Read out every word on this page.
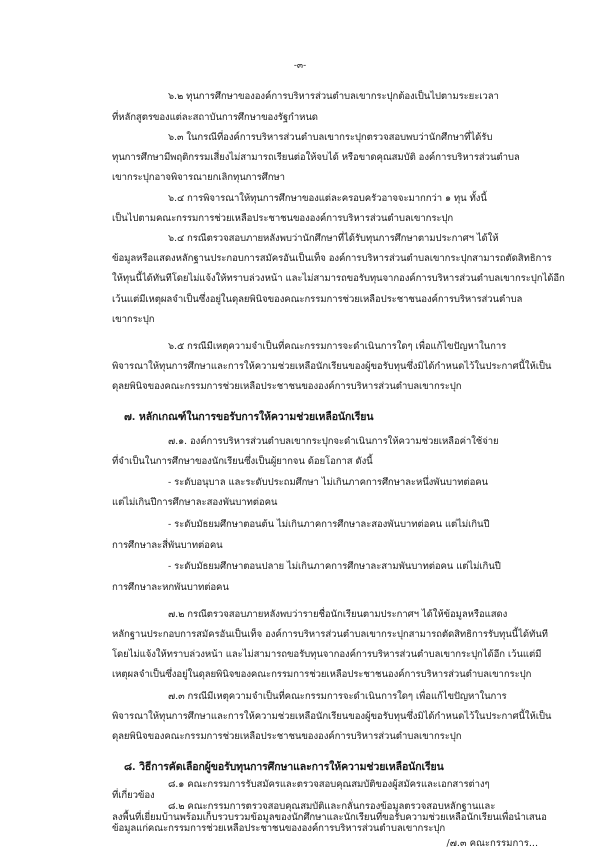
-๓-
๖.๒ ทุนการศึกษาขององค์การบริหารส่วนตำบลเขากระปุกต้องเป็นไปตามระยะเวลา
ที่หลักสูตรของแต่ละสถาบันการศึกษาของรัฐกำหนด
๖.๓ ในกรณีที่องค์การบริหารส่วนตำบลเขากระปุกตรวจสอบพบว่านักศึกษาที่ได้รับ
ทุนการศึกษามีพฤติกรรมเสี่ยงไม่สามารถเรียนต่อให้จบได้ หรือขาดคุณสมบัติ องค์การบริหารส่วนตำบล
เขากระปุกอาจพิจารณายกเลิกทุนการศึกษา
๖.๔ การพิจารณาให้ทุนการศึกษาของแต่ละครอบครัวอาจจะมากกว่า ๑ ทุน ทั้งนี้
เป็นไปตามคณะกรรมการช่วยเหลือประชาชนขององค์การบริหารส่วนตำบลเขากระปุก
๖.๔ กรณีตรวจสอบภายหลังพบว่านักศึกษาที่ได้รับทุนการศึกษาตามประกาศฯ ได้ให้
ข้อมูลหรือแสดงหลักฐานประกอบการสมัครอันเป็นเท็จ องค์การบริหารส่วนตำบลเขากระปุกสามารถตัดสิทธิการ
ให้ทุนนี้ได้ทันทีโดยไม่แจ้งให้ทราบล่วงหน้า และไม่สามารถขอรับทุนจากองค์การบริหารส่วนตำบลเขากระปุกได้อีก
เว้นแต่มีเหตุผลจำเป็นซึ่งอยู่ในดุลยพินิจของคณะกรรมการช่วยเหลือประชาชนองค์การบริหารส่วนตำบล
เขากระปุก
๖.๕ กรณีมีเหตุความจำเป็นที่คณะกรรมการจะดำเนินการใดๆ เพื่อแก้ไขปัญหาในการ
พิจารณาให้ทุนการศึกษาและการให้ความช่วยเหลือนักเรียนของผู้ขอรับทุนซึ่งมิได้กำหนดไว้ในประกาศนี้ให้เป็น
ดุลยพินิจของคณะกรรมการช่วยเหลือประชาชนขององค์การบริหารส่วนตำบลเขากระปุก
๗. หลักเกณฑ์ในการขอรับการให้ความช่วยเหลือนักเรียน
๗.๑. องค์การบริหารส่วนตำบลเขากระปุกจะดำเนินการให้ความช่วยเหลือค่าใช้จ่าย
ที่จำเป็นในการศึกษาของนักเรียนซึ่งเป็นผู้ยากจน ด้อยโอกาส ดังนี้
- ระดับอนุบาล และระดับประถมศึกษา ไม่เกินภาคการศึกษาละหนึ่งพันบาทต่อคน
แต่ไม่เกินปีการศึกษาละสองพันบาทต่อคน
- ระดับมัธยมศึกษาตอนต้น ไม่เกินภาคการศึกษาละสองพันบาทต่อคน แต่ไม่เกินปี
การศึกษาละสี่พันบาทต่อคน
- ระดับมัธยมศึกษาตอนปลาย ไม่เกินภาคการศึกษาละสามพันบาทต่อคน แต่ไม่เกินปี
การศึกษาละหกพันบาทต่อคน
๗.๒ กรณีตรวจสอบภายหลังพบว่ารายชื่อนักเรียนตามประกาศฯ ได้ให้ข้อมูลหรือแสดง
หลักฐานประกอบการสมัครอันเป็นเท็จ องค์การบริหารส่วนตำบลเขากระปุกสามารถตัดสิทธิการรับทุนนี้ได้ทันที
โดยไม่แจ้งให้ทราบล่วงหน้า และไม่สามารถขอรับทุนจากองค์การบริหารส่วนตำบลเขากระปุกได้อีก เว้นแต่มี
เหตุผลจำเป็นซึ่งอยู่ในดุลยพินิจของคณะกรรมการช่วยเหลือประชาชนองค์การบริหารส่วนตำบลเขากระปุก
๗.๓ กรณีมีเหตุความจำเป็นที่คณะกรรมการจะดำเนินการใดๆ เพื่อแก้ไขปัญหาในการ
พิจารณาให้ทุนการศึกษาและการให้ความช่วยเหลือนักเรียนของผู้ขอรับทุนซึ่งมิได้กำหนดไว้ในประกาศนี้ให้เป็น
ดุลยพินิจของคณะกรรมการช่วยเหลือประชาชนขององค์การบริหารส่วนตำบลเขากระปุก
๘. วิธีการคัดเลือกผู้ขอรับทุนการศึกษาและการให้ความช่วยเหลือนักเรียน
๘.๑ คณะกรรมการรับสมัครและตรวจสอบคุณสมบัติของผู้สมัครและเอกสารต่างๆ
ที่เกี่ยวข้อง
/๗.๓ คณะกรรมการ...
๘.๒ คณะกรรมการตรวจสอบคุณสมบัติและกลั่นกรองข้อมูลตรวจสอบหลักฐานและ
ลงพื้นที่เยี่ยมบ้านพร้อมเก็บรวบรวมข้อมูลของนักศึกษาและนักเรียนที่ขอรับความช่วยเหลือนักเรียนเพื่อนำเสนอ
ข้อมูลแก่คณะกรรมการช่วยเหลือประชาชนขององค์การบริหารส่วนตำบลเขากระปุก
